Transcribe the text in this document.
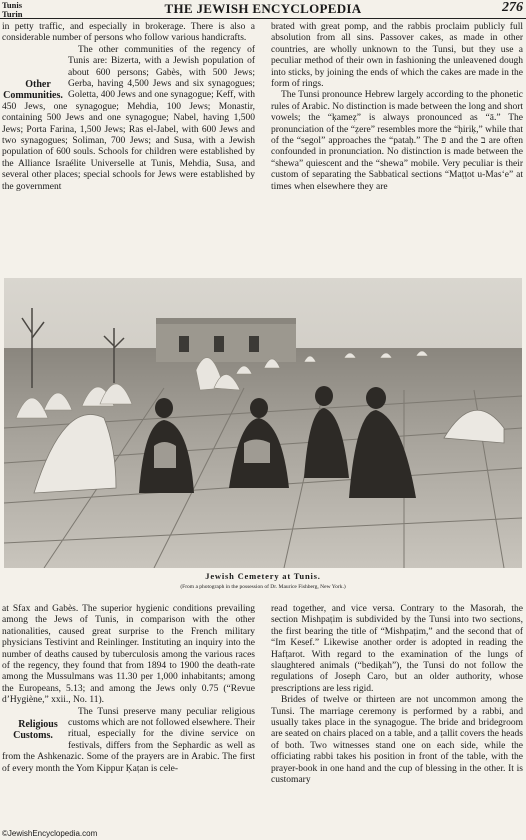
Tunis
Turin	THE JEWISH ENCYCLOPEDIA	276

in petty traffic, and especially in brokerage. There is also a considerable number of persons who follow various handicrafts.

Other Communities.
The other communities of the regency of Tunis are: Bizerta, with a Jewish population of about 600 persons; Gabès, with 500 Jews; Gerba, having 4,500 Jews and six synagogues; Goletta, 400 Jews and one synagogue; Keff, with 450 Jews, one synagogue; Mehdia, 100 Jews; Monastir, containing 500 Jews and one synagogue; Nabel, having 1,500 Jews; Porta Farina, 1,500 Jews; Ras el-Jabel, with 600 Jews and two synagogues; Soliman, 700 Jews; and Susa, with a Jewish population of 600 souls. Schools for children were established by the Alliance Israélite Universelle at Tunis, Mehdia, Susa, and several other places; special schools for Jews were established by the government

brated with great pomp, and the rabbis proclaim publicly full absolution from all sins. Passover cakes, as made in other countries, are wholly unknown to the Tunsi, but they use a peculiar method of their own in fashioning the unleavened dough into sticks, by joining the ends of which the cakes are made in the form of rings.

The Tunsi pronounce Hebrew largely according to the phonetic rules of Arabic. No distinction is made between the long and short vowels; the “ḳameẓ” is always pronounced as “ā.” The pronunciation of the “ẓere” resembles more the “ḥiriḳ,” while that of the “segol” approaches the “pataḥ.” The פ and the ב are often confounded in pronunciation. No distinction is made between the “shewa” quiescent and the “shewa” mobile. Very peculiar is their custom of separating the Sabbatical sections “Maṭṭot u-Mas‘e” at times when elsewhere they are

Jewish Cemetery at Tunis.
(From a photograph in the possession of Dr. Maurice Fishberg, New York.)

at Sfax and Gabès. The superior hygienic conditions prevailing among the Jews of Tunis, in comparison with the other nationalities, caused great surprise to the French military physicians Testivint and Reinlinger. Instituting an inquiry into the number of deaths caused by tuberculosis among the various races of the regency, they found that from 1894 to 1900 the death-rate among the Mussulmans was 11.30 per 1,000 inhabitants; among the Europeans, 5.13; and among the Jews only 0.75 (“Revue d’Hygiène,” xxii., No. 11).

Religious Customs.
The Tunsi preserve many peculiar religious customs which are not followed elsewhere. Their ritual, especially for the divine service on festivals, differs from the Sephardic as well as from the Ashkenazic. Some of the prayers are in Arabic. The first of every month the Yom Kippur Ḳaṭan is cele-

read together, and vice versa. Contrary to the Masorah, the section Mishpaṭim is subdivided by the Tunsi into two sections, the first bearing the title of “Mishpaṭim,” and the second that of “Im Kesef.” Likewise another order is adopted in reading the Hafṭarot. With regard to the examination of the lungs of slaughtered animals (“bediḳah”), the Tunsi do not follow the regulations of Joseph Caro, but an older authority, whose prescriptions are less rigid.

Brides of twelve or thirteen are not uncommon among the Tunsi. The marriage ceremony is performed by a rabbi, and usually takes place in the synagogue. The bride and bridegroom are seated on chairs placed on a table, and a ṭallit covers the heads of both. Two witnesses stand one on each side, while the officiating rabbi takes his position in front of the table, with the prayer-book in one hand and the cup of blessing in the other. It is customary

©JewishEncyclopedia.com
